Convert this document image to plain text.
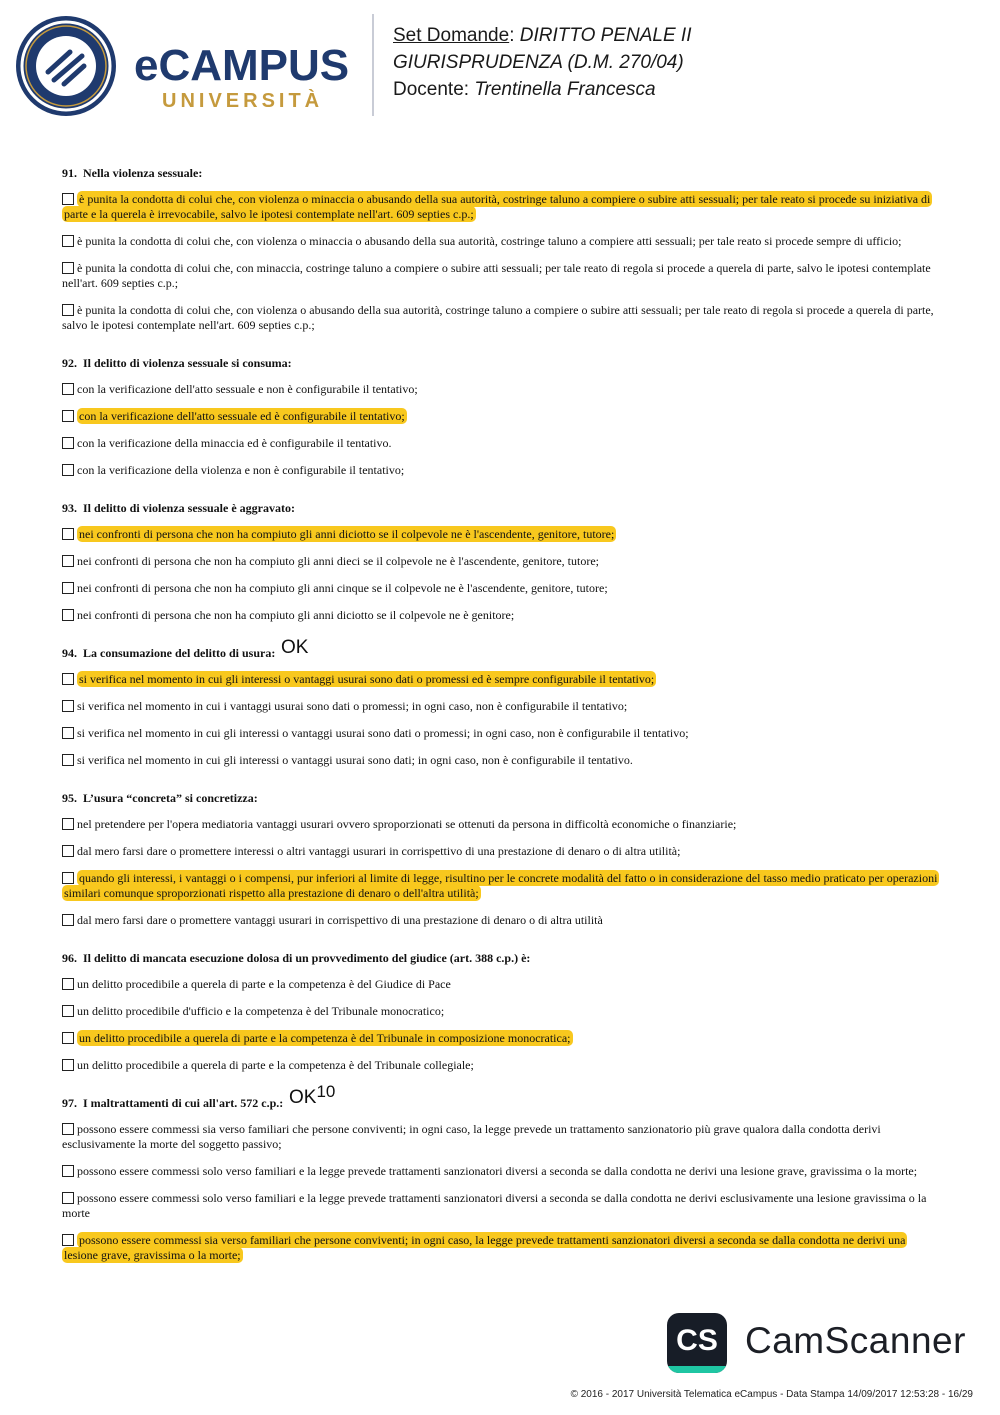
eCAMPUS
UNIVERSITÀ
Set Domande: DIRITTO PENALE II
GIURISPRUDENZA (D.M. 270/04)
Docente: Trentinella Francesca
91. Nella violenza sessuale:
è punita la condotta di colui che, con violenza o minaccia o abusando della sua autorità, costringe taluno a compiere o subire atti sessuali; per tale reato si procede su iniziativa di parte e la querela è irrevocabile, salvo le ipotesi contemplate nell'art. 609 septies c.p.;
è punita la condotta di colui che, con violenza o minaccia o abusando della sua autorità, costringe taluno a compiere atti sessuali; per tale reato si procede sempre di ufficio;
è punita la condotta di colui che, con minaccia, costringe taluno a compiere o subire atti sessuali; per tale reato di regola si procede a querela di parte, salvo le ipotesi contemplate nell'art. 609 septies c.p.;
è punita la condotta di colui che, con violenza o abusando della sua autorità, costringe taluno a compiere o subire atti sessuali; per tale reato di regola si procede a querela di parte, salvo le ipotesi contemplate nell'art. 609 septies c.p.;
92. Il delitto di violenza sessuale si consuma:
con la verificazione dell'atto sessuale e non è configurabile il tentativo;
con la verificazione dell'atto sessuale ed è configurabile il tentativo;
con la verificazione della minaccia ed è configurabile il tentativo.
con la verificazione della violenza e non è configurabile il tentativo;
93. Il delitto di violenza sessuale è aggravato:
nei confronti di persona che non ha compiuto gli anni diciotto se il colpevole ne è l'ascendente, genitore, tutore;
nei confronti di persona che non ha compiuto gli anni dieci se il colpevole ne è l'ascendente, genitore, tutore;
nei confronti di persona che non ha compiuto gli anni cinque se il colpevole ne è l'ascendente, genitore, tutore;
nei confronti di persona che non ha compiuto gli anni diciotto se il colpevole ne è genitore;
94. La consumazione del delitto di usura: OK
si verifica nel momento in cui gli interessi o vantaggi usurai sono dati o promessi ed è sempre configurabile il tentativo;
si verifica nel momento in cui i vantaggi usurai sono dati o promessi; in ogni caso, non è configurabile il tentativo;
si verifica nel momento in cui gli interessi o vantaggi usurai sono dati o promessi; in ogni caso, non è configurabile il tentativo;
si verifica nel momento in cui gli interessi o vantaggi usurai sono dati; in ogni caso, non è configurabile il tentativo.
95. L’usura “concreta” si concretizza:
nel pretendere per l'opera mediatoria vantaggi usurari ovvero sproporzionati se ottenuti da persona in difficoltà economiche o finanziarie;
dal mero farsi dare o promettere interessi o altri vantaggi usurari in corrispettivo di una prestazione di denaro o di altra utilità;
quando gli interessi, i vantaggi o i compensi, pur inferiori al limite di legge, risultino per le concrete modalità del fatto o in considerazione del tasso medio praticato per operazioni similari comunque sproporzionati rispetto alla prestazione di denaro o dell'altra utilità;
dal mero farsi dare o promettere vantaggi usurari in corrispettivo di una prestazione di denaro o di altra utilità
96. Il delitto di mancata esecuzione dolosa di un provvedimento del giudice (art. 388 c.p.) è:
un delitto procedibile a querela di parte e la competenza è del Giudice di Pace
un delitto procedibile d'ufficio e la competenza è del Tribunale monocratico;
un delitto procedibile a querela di parte e la competenza è del Tribunale in composizione monocratica;
un delitto procedibile a querela di parte e la competenza è del Tribunale collegiale;
97. I maltrattamenti di cui all'art. 572 c.p.: OK$^{10}$
possono essere commessi sia verso familiari che persone conviventi; in ogni caso, la legge prevede un trattamento sanzionatorio più grave qualora dalla condotta derivi esclusivamente la morte del soggetto passivo;
possono essere commessi solo verso familiari e la legge prevede trattamenti sanzionatori diversi a seconda se dalla condotta ne derivi una lesione grave, gravissima o la morte;
possono essere commessi solo verso familiari e la legge prevede trattamenti sanzionatori diversi a seconda se dalla condotta ne derivi esclusivamente una lesione gravissima o la morte
possono essere commessi sia verso familiari che persone conviventi; in ogni caso, la legge prevede trattamenti sanzionatori diversi a seconda se dalla condotta ne derivi una lesione grave, gravissima o la morte;
CS CamScanner
© 2016 - 2017 Università Telematica eCampus - Data Stampa 14/09/2017 12:53:28 - 16/29
